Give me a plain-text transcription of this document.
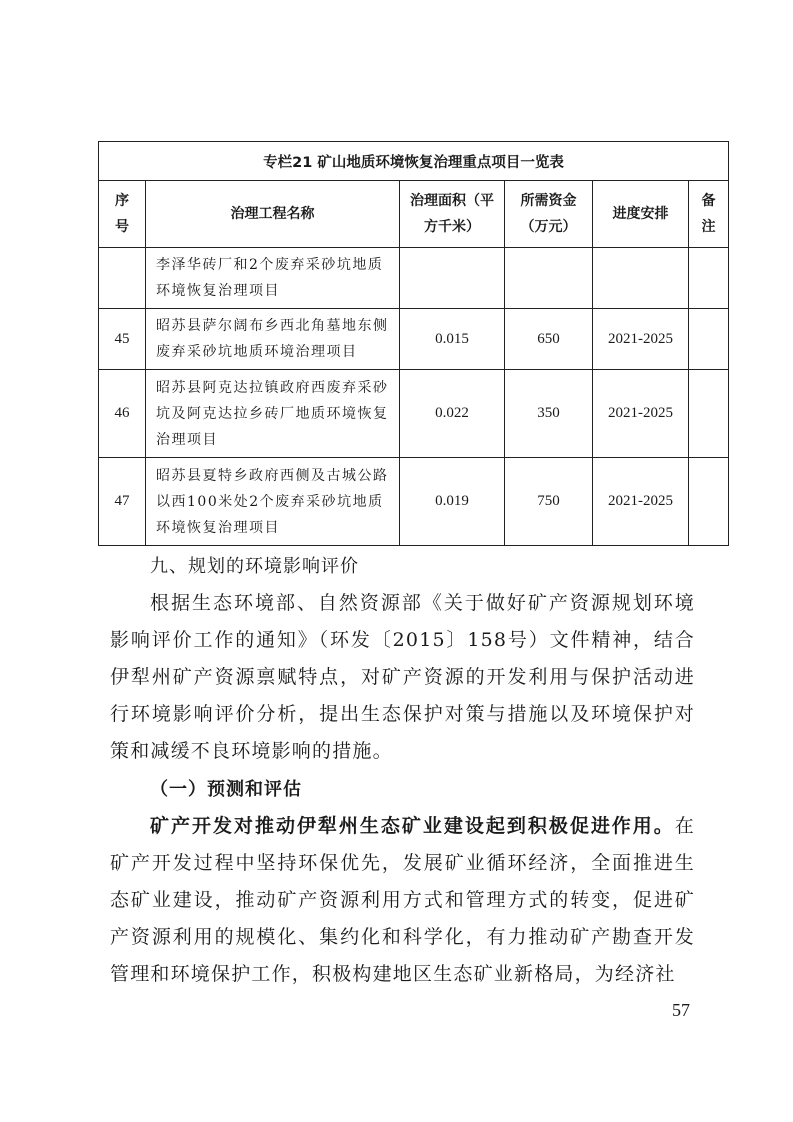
专栏21 矿山地质环境恢复治理重点项目一览表					
序号	治理工程名称	治理面积（平方千米）	所需资金（万元）	进度安排	备注
	李泽华砖厂和2个废弃采砂坑地质环境恢复治理项目				
45	昭苏县萨尔阔布乡西北角墓地东侧废弃采砂坑地质环境治理项目	0.015	650	2021-2025	
46	昭苏县阿克达拉镇政府西废弃采砂坑及阿克达拉乡砖厂地质环境恢复治理项目	0.022	350	2021-2025	
47	昭苏县夏特乡政府西侧及古城公路以西100米处2个废弃采砂坑地质环境恢复治理项目	0.019	750	2021-2025	
九、规划的环境影响评价
根据生态环境部、自然资源部《关于做好矿产资源规划环境影响评价工作的通知》（环发〔2015〕158号）文件精神，结合伊犁州矿产资源禀赋特点，对矿产资源的开发利用与保护活动进行环境影响评价分析，提出生态保护对策与措施以及环境保护对策和减缓不良环境影响的措施。
（一）预测和评估
矿产开发对推动伊犁州生态矿业建设起到积极促进作用。在矿产开发过程中坚持环保优先，发展矿业循环经济，全面推进生态矿业建设，推动矿产资源利用方式和管理方式的转变，促进矿产资源利用的规模化、集约化和科学化，有力推动矿产勘查开发管理和环境保护工作，积极构建地区生态矿业新格局，为经济社
57
